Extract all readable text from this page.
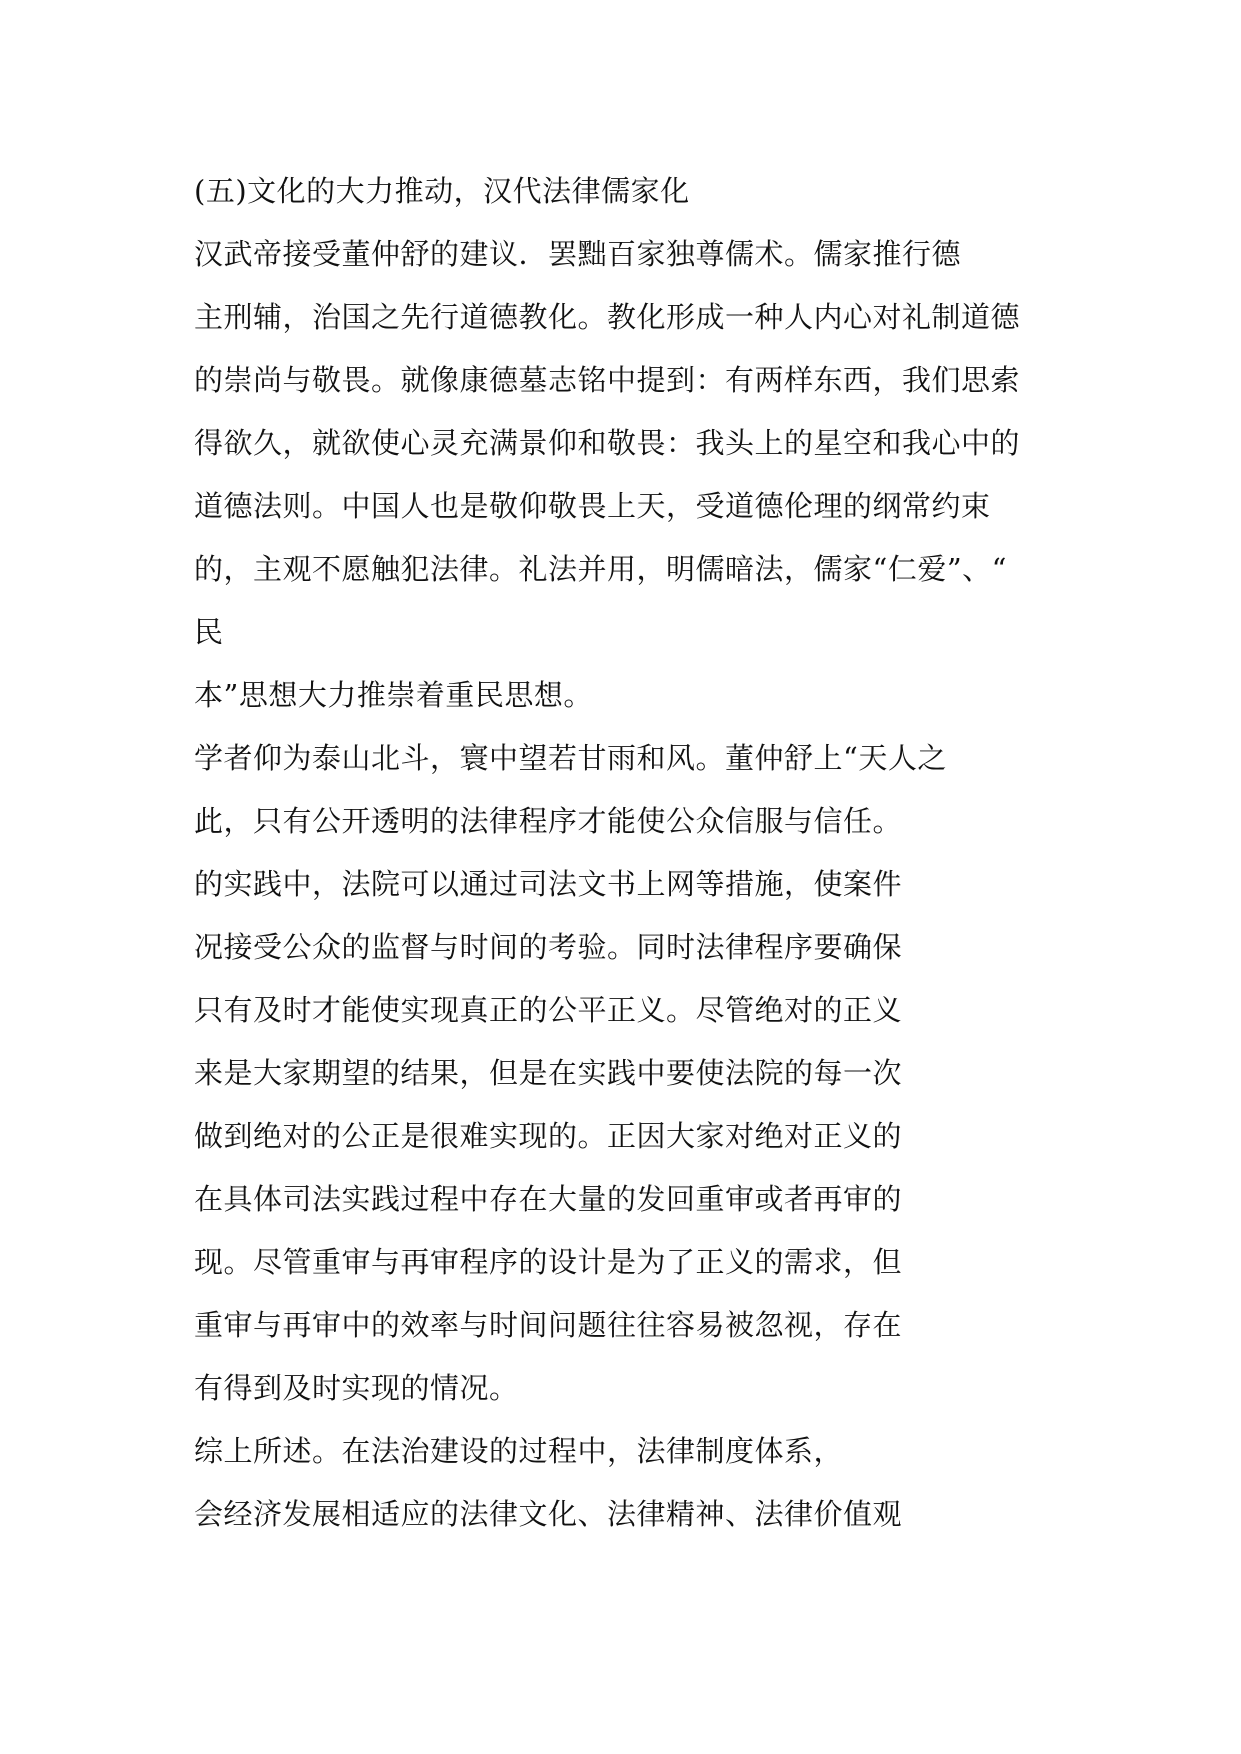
(五)文化的大力推动，汉代法律儒家化
汉武帝接受董仲舒的建议．罢黜百家独尊儒术。儒家推行德
主刑辅，治国之先行道德教化。教化形成一种人内心对礼制道德
的崇尚与敬畏。就像康德墓志铭中提到：有两样东西，我们思索
得欲久，就欲使心灵充满景仰和敬畏：我头上的星空和我心中的
道德法则。中国人也是敬仰敬畏上天，受道德伦理的纲常约束
的，主观不愿触犯法律。礼法并用，明儒暗法，儒家“仁爱”、“
民
本”思想大力推崇着重民思想。
学者仰为泰山北斗，寰中望若甘雨和风。董仲舒上“天人之
此，只有公开透明的法律程序才能使公众信服与信任。
的实践中，法院可以通过司法文书上网等措施，使案件
况接受公众的监督与时间的考验。同时法律程序要确保
只有及时才能使实现真正的公平正义。尽管绝对的正义
来是大家期望的结果，但是在实践中要使法院的每一次
做到绝对的公正是很难实现的。正因大家对绝对正义的
在具体司法实践过程中存在大量的发回重审或者再审的
现。尽管重审与再审程序的设计是为了正义的需求，但
重审与再审中的效率与时间问题往往容易被忽视，存在
有得到及时实现的情况。
综上所述。在法治建设的过程中，法律制度体系，
会经济发展相适应的法律文化、法律精神、法律价值观
